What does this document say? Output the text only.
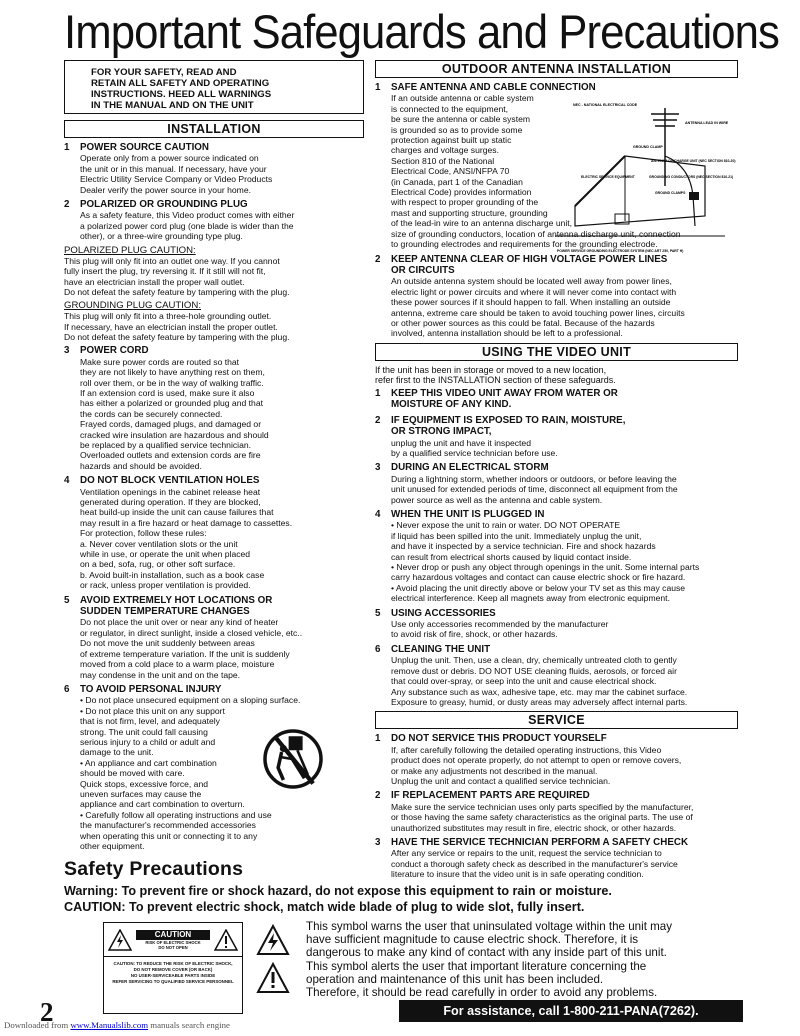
Important Safeguards and Precautions
FOR YOUR SAFETY, READ AND
RETAIN ALL SAFETY AND OPERATING
INSTRUCTIONS. HEED ALL WARNINGS
IN THE MANUAL AND ON THE UNIT
INSTALLATION
1	POWER SOURCE CAUTION
Operate only from a power source indicated on
the unit or in this manual. If necessary, have your
Electric Utility Service Company or Video Products
Dealer verify the power source in your home.
2	POLARIZED OR GROUNDING PLUG
As a safety feature, this Video product comes with either
a polarized power cord plug (one blade is wider than the
other), or a three-wire grounding type plug.
POLARIZED PLUG CAUTION:
This plug will only fit into an outlet one way. If you cannot
fully insert the plug, try reversing it. If it still will not fit,
have an electrician install the proper wall outlet.
Do not defeat the safety feature by tampering with the plug.
GROUNDING PLUG CAUTION:
This plug will only fit into a three-hole grounding outlet.
If necessary, have an electrician install the proper outlet.
Do not defeat the safety feature by tampering with the plug.
3	POWER CORD
Make sure power cords are routed so that
they are not likely to have anything rest on them,
roll over them, or be in the way of walking traffic.
If an extension cord is used, make sure it also
has either a polarized or grounded plug and that
the cords can be securely connected.
Frayed cords, damaged plugs, and damaged or
cracked wire insulation are hazardous and should
be replaced by a qualified service technician.
Overloaded outlets and extension cords are fire
hazards and should be avoided.
4	DO NOT BLOCK VENTILATION HOLES
Ventilation openings in the cabinet release heat
generated during operation. If they are blocked,
heat build-up inside the unit can cause failures that
may result in a fire hazard or heat damage to cassettes.
For protection, follow these rules:
a. Never cover ventilation slots or the unit
while in use, or operate the unit when placed
on a bed, sofa, rug, or other soft surface.
b. Avoid built-in installation, such as a book case
or rack, unless proper ventilation is provided.
5	AVOID EXTREMELY HOT LOCATIONS OR
SUDDEN TEMPERATURE CHANGES
Do not place the unit over or near any kind of heater
or regulator, in direct sunlight, inside a closed vehicle, etc..
Do not move the unit suddenly between areas
of extreme temperature variation. If the unit is suddenly
moved from a cold place to a warm place, moisture
may condense in the unit and on the tape.
6	TO AVOID PERSONAL INJURY
• Do not place unsecured equipment on a sloping surface.
• Do not place this unit on any support
that is not firm, level, and adequately
strong. The unit could fall causing
serious injury to a child or adult and
damage to the unit.
• An appliance and cart combination
should be moved with care.
Quick stops, excessive force, and
uneven surfaces may cause the
appliance and cart combination to overturn.
• Carefully follow all operating instructions and use
the manufacturer's recommended accessories
when operating this unit or connecting it to any
other equipment.
OUTDOOR ANTENNA INSTALLATION
1	SAFE ANTENNA AND CABLE CONNECTION
If an outside antenna or cable system
is connected to the equipment,
be sure the antenna or cable system
is grounded so as to provide some
protection against built up static
charges and voltage surges.
Section 810 of the National
Electrical Code, ANSI/NFPA 70
(in Canada, part 1 of the Canadian
Electrical Code) provides information
with respect to proper grounding of the
mast and supporting structure, grounding
of the lead-in wire to an antenna discharge unit,
size of grounding conductors, location of antenna discharge unit, connection
to grounding electrodes and requirements for the grounding electrode.
2	KEEP ANTENNA CLEAR OF HIGH VOLTAGE POWER LINES
OR CIRCUITS
An outside antenna system should be located well away from power lines,
electric light or power circuits and where it will never come into contact with
these power sources if it should happen to fall. When installing an outside
antenna, extreme care should be taken to avoid touching power lines, circuits
or other power sources as this could be fatal. Because of the hazards
involved, antenna installation should be left to a professional.
USING THE VIDEO UNIT
If the unit has been in storage or moved to a new location,
refer first to the INSTALLATION section of these safeguards.
1	KEEP THIS VIDEO UNIT AWAY FROM WATER OR
MOISTURE OF ANY KIND.
2	IF EQUIPMENT IS EXPOSED TO RAIN, MOISTURE,
OR STRONG IMPACT,
unplug the unit and have it inspected
by a qualified service technician before use.
3	DURING AN ELECTRICAL STORM
During a lightning storm, whether indoors or outdoors, or before leaving the
unit unused for extended periods of time, disconnect all equipment from the
power source as well as the antenna and cable system.
4	WHEN THE UNIT IS PLUGGED IN
• Never expose the unit to rain or water. DO NOT OPERATE
if liquid has been spilled into the unit. Immediately unplug the unit,
and have it inspected by a service technician. Fire and shock hazards
can result from electrical shorts caused by liquid contact inside.
• Never drop or push any object through openings in the unit. Some internal parts
carry hazardous voltages and contact can cause electric shock or fire hazard.
• Avoid placing the unit directly above or below your TV set as this may cause
electrical interference. Keep all magnets away from electronic equipment.
5	USING ACCESSORIES
Use only accessories recommended by the manufacturer
to avoid risk of fire, shock, or other hazards.
6	CLEANING THE UNIT
Unplug the unit. Then, use a clean, dry, chemically untreated cloth to gently
remove dust or debris. DO NOT USE cleaning fluids, aerosols, or forced air
that could over-spray, or seep into the unit and cause electrical shock.
Any substance such as wax, adhesive tape, etc. may mar the cabinet surface.
Exposure to greasy, humid, or dusty areas may adversely affect internal parts.
SERVICE
1	DO NOT SERVICE THIS PRODUCT YOURSELF
If, after carefully following the detailed operating instructions, this Video
product does not operate properly, do not attempt to open or remove covers,
or make any adjustments not described in the manual.
Unplug the unit and contact a qualified service technician.
2	IF REPLACEMENT PARTS ARE REQUIRED
Make sure the service technician uses only parts specified by the manufacturer,
or those having the same safety characteristics as the original parts. The use of
unauthorized substitutes may result in fire, electric shock, or other hazards.
3	HAVE THE SERVICE TECHNICIAN PERFORM A SAFETY CHECK
After any service or repairs to the unit, request the service technician to
conduct a thorough safety check as described in the manufacturer's service
literature to insure that the video unit is in safe operating condition.
NEC - NATIONAL ELECTRICAL CODE
ANTENNA LEAD IN WIRE
GROUND CLAMP
ANTENNA DISCHARGE UNIT (NEC SECTION 810-20)
ELECTRIC SERVICE EQUIPMENT	GROUNDING CONDUCTORS (NEC SECTION 810-21)
GROUND CLAMPS
POWER SERVICE GROUNDING ELECTRODE SYSTEM (NEC ART 250, PART H)
Safety Precautions
Warning: To prevent fire or shock hazard, do not expose this equipment to rain or moisture.
CAUTION: To prevent electric shock, match wide blade of plug to wide slot, fully insert.
CAUTION
RISK OF ELECTRIC SHOCK
DO NOT OPEN
CAUTION: TO REDUCE THE RISK OF ELECTRIC SHOCK,
DO NOT REMOVE COVER (OR BACK)
NO USER-SERVICEABLE PARTS INSIDE
REFER SERVICING TO QUALIFIED SERVICE PERSONNEL
This symbol warns the user that uninsulated voltage within the unit may
have sufficient magnitude to cause electric shock. Therefore, it is
dangerous to make any kind of contact with any inside part of this unit.
This symbol alerts the user that important literature concerning the
operation and maintenance of this unit has been included.
Therefore, it should be read carefully in order to avoid any problems.
2	For assistance, call 1-800-211-PANA(7262).
Downloaded from www.Manualslib.com manuals search engine
